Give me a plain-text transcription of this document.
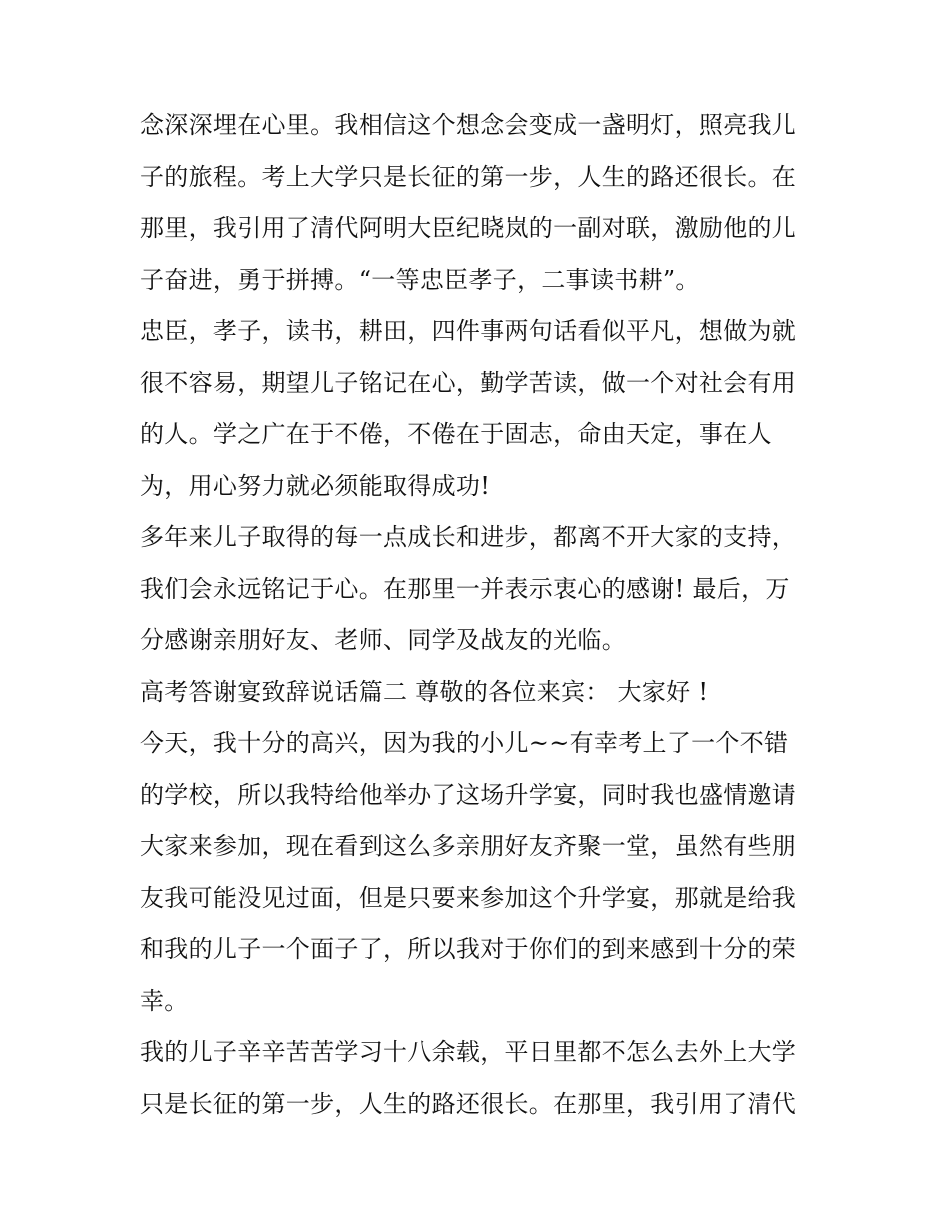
念深深埋在心里。我相信这个想念会变成一盏明灯，照亮我儿
子的旅程。考上大学只是长征的第一步，人生的路还很长。在
那里，我引用了清代阿明大臣纪晓岚的一副对联，激励他的儿
子奋进，勇于拼搏。“一等忠臣孝子，二事读书耕”。
忠臣，孝子，读书，耕田，四件事两句话看似平凡，想做为就
很不容易，期望儿子铭记在心，勤学苦读，做一个对社会有用
的人。学之广在于不倦，不倦在于固志，命由天定，事在人
为，用心努力就必须能取得成功!
多年来儿子取得的每一点成长和进步，都离不开大家的支持，
我们会永远铭记于心。在那里一并表示衷心的感谢! 最后，万
分感谢亲朋好友、老师、同学及战友的光临。
高考答谢宴致辞说话篇二 尊敬的各位来宾： 大家好 !
今天，我十分的高兴，因为我的小儿~~有幸考上了一个不错
的学校，所以我特给他举办了这场升学宴，同时我也盛情邀请
大家来参加，现在看到这么多亲朋好友齐聚一堂，虽然有些朋
友我可能没见过面，但是只要来参加这个升学宴，那就是给我
和我的儿子一个面子了，所以我对于你们的到来感到十分的荣
幸。
我的儿子辛辛苦苦学习十八余载，平日里都不怎么去外上大学
只是长征的第一步，人生的路还很长。在那里，我引用了清代
